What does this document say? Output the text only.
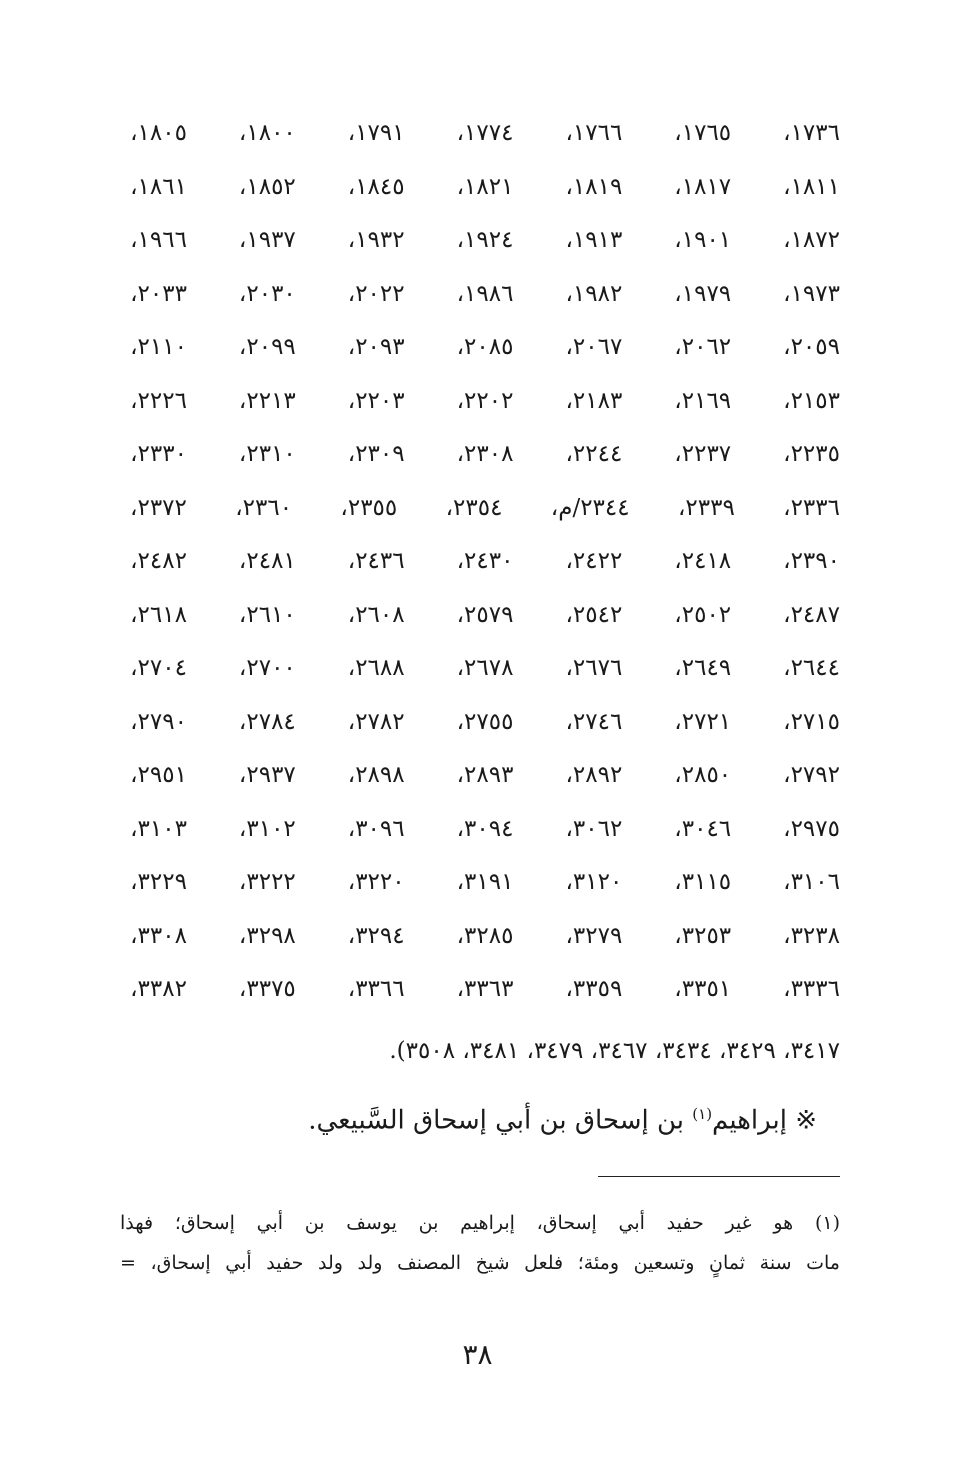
١٧٣٦،
١٧٦٥،
١٧٦٦،
١٧٧٤،
١٧٩١،
١٨٠٠،
١٨٠٥،
١٨١١،
١٨١٧،
١٨١٩،
١٨٢١،
١٨٤٥،
١٨٥٢،
١٨٦١،
١٨٧٢،
١٩٠١،
١٩١٣،
١٩٢٤،
١٩٣٢،
١٩٣٧،
١٩٦٦،
١٩٧٣،
١٩٧٩،
١٩٨٢،
١٩٨٦،
٢٠٢٢،
٢٠٣٠،
٢٠٣٣،
٢٠٥٩،
٢٠٦٢،
٢٠٦٧،
٢٠٨٥،
٢٠٩٣،
٢٠٩٩،
٢١١٠،
٢١٥٣،
٢١٦٩،
٢١٨٣،
٢٢٠٢،
٢٢٠٣،
٢٢١٣،
٢٢٢٦،
٢٢٣٥،
٢٢٣٧،
٢٢٤٤،
٢٣٠٨،
٢٣٠٩،
٢٣١٠،
٢٣٣٠،
٢٣٣٦،
٢٣٣٩،
٢٣٤٤/م،
٢٣٥٤،
٢٣٥٥،
٢٣٦٠،
٢٣٧٢،
٢٣٩٠،
٢٤١٨،
٢٤٢٢،
٢٤٣٠،
٢٤٣٦،
٢٤٨١،
٢٤٨٢،
٢٤٨٧،
٢٥٠٢،
٢٥٤٢،
٢٥٧٩،
٢٦٠٨،
٢٦١٠،
٢٦١٨،
٢٦٤٤،
٢٦٤٩،
٢٦٧٦،
٢٦٧٨،
٢٦٨٨،
٢٧٠٠،
٢٧٠٤،
٢٧١٥،
٢٧٢١،
٢٧٤٦،
٢٧٥٥،
٢٧٨٢،
٢٧٨٤،
٢٧٩٠،
٢٧٩٢،
٢٨٥٠،
٢٨٩٢،
٢٨٩٣،
٢٨٩٨،
٢٩٣٧،
٢٩٥١،
٢٩٧٥،
٣٠٤٦،
٣٠٦٢،
٣٠٩٤،
٣٠٩٦،
٣١٠٢،
٣١٠٣،
٣١٠٦،
٣١١٥،
٣١٢٠،
٣١٩١،
٣٢٢٠،
٣٢٢٢،
٣٢٢٩،
٣٢٣٨،
٣٢٥٣،
٣٢٧٩،
٣٢٨٥،
٣٢٩٤،
٣٢٩٨،
٣٣٠٨،
٣٣٣٦،
٣٣٥١،
٣٣٥٩،
٣٣٦٣،
٣٣٦٦،
٣٣٧٥،
٣٣٨٢،
٣٤١٧، ٣٤٢٩، ٣٤٣٤، ٣٤٦٧، ٣٤٧٩، ٣٤٨١، ٣٥٠٨).
※ إبراهيم$^{(١)}$ بن إسحاق بن أبي إسحاق السَّبيعي.
(١) هو غير حفيد أبي إسحاق، إبراهيم بن يوسف بن أبي إسحاق؛ فهذا
مات سنة ثمانٍ وتسعين ومئة؛ فلعل شيخ المصنف ولد ولد حفيد أبي إسحاق، =
٣٨
